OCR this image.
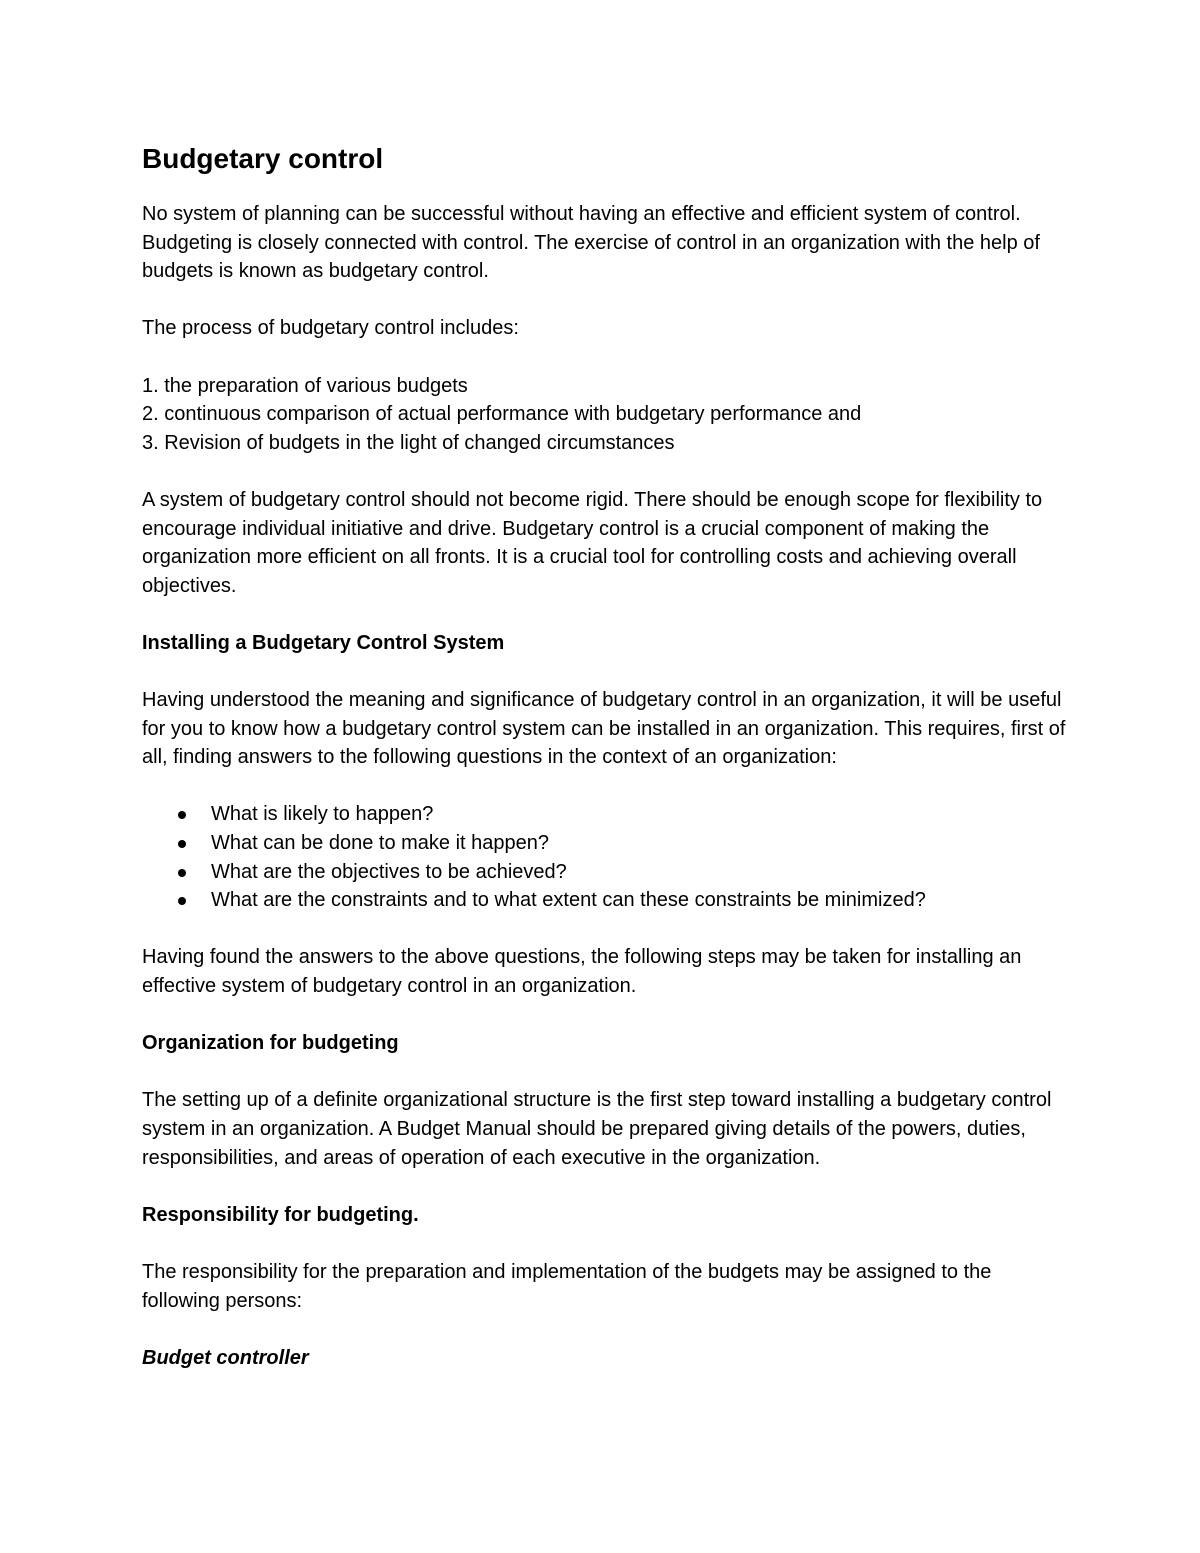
Budgetary control

No system of planning can be successful without having an effective and efficient system of control. Budgeting is closely connected with control. The exercise of control in an organization with the help of budgets is known as budgetary control.

The process of budgetary control includes:

1. the preparation of various budgets
2. continuous comparison of actual performance with budgetary performance and
3. Revision of budgets in the light of changed circumstances

A system of budgetary control should not become rigid. There should be enough scope for flexibility to encourage individual initiative and drive. Budgetary control is a crucial component of making the organization more efficient on all fronts. It is a crucial tool for controlling costs and achieving overall objectives.

Installing a Budgetary Control System

Having understood the meaning and significance of budgetary control in an organization, it will be useful for you to know how a budgetary control system can be installed in an organization. This requires, first of all, finding answers to the following questions in the context of an organization:

What is likely to happen?
What can be done to make it happen?
What are the objectives to be achieved?
What are the constraints and to what extent can these constraints be minimized?

Having found the answers to the above questions, the following steps may be taken for installing an effective system of budgetary control in an organization.

Organization for budgeting

The setting up of a definite organizational structure is the first step toward installing a budgetary control system in an organization. A Budget Manual should be prepared giving details of the powers, duties, responsibilities, and areas of operation of each executive in the organization.

Responsibility for budgeting.

The responsibility for the preparation and implementation of the budgets may be assigned to the following persons:

Budget controller
